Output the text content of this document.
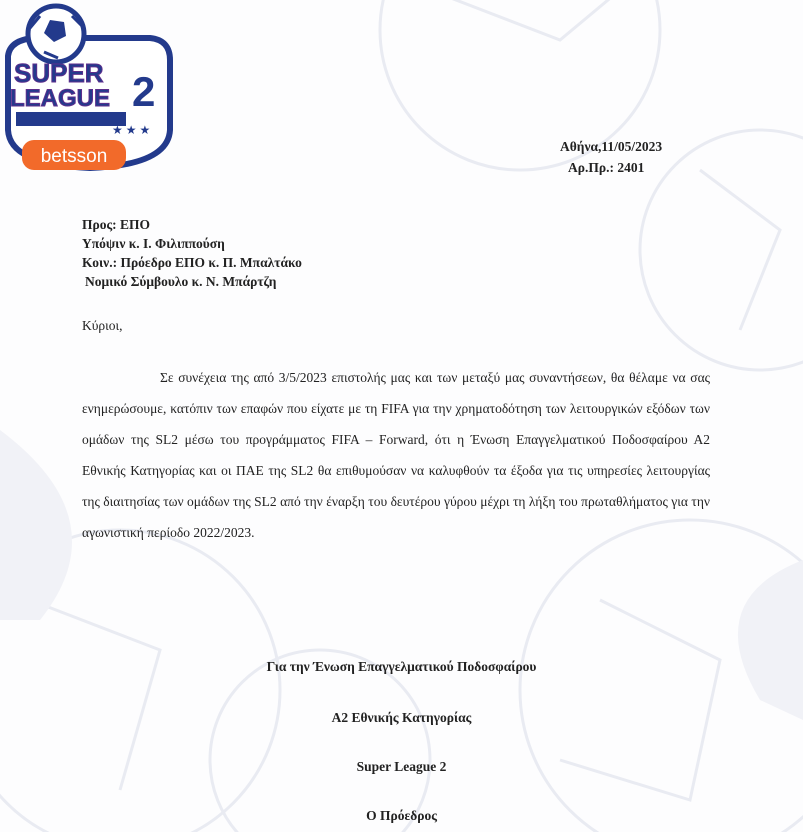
SUPER
LEAGUE 2
★ ★ ★
betsson	Αθήνα,11/05/2023
Αρ.Πρ.: 2401
Προς: ΕΠΟ
Υπόψιν κ. Ι. Φιλιππούση
Κοιν.: Πρόεδρο ΕΠΟ κ. Π. Μπαλτάκο
Νομικό Σύμβουλο κ. Ν. Μπάρτζη
Κύριοι,
Σε συνέχεια της από 3/5/2023 επιστολής μας και των μεταξύ μας συναντήσεων, θα θέλαμε να σας ενημερώσουμε, κατόπιν των επαφών που είχατε με τη FIFA για την χρηματοδότηση των λειτουργικών εξόδων των ομάδων της SL2 μέσω του προγράμματος FIFA – Forward, ότι η Ένωση Επαγγελματικού Ποδοσφαίρου Α2 Εθνικής Κατηγορίας και οι ΠΑΕ της SL2 θα επιθυμούσαν να καλυφθούν τα έξοδα για τις υπηρεσίες λειτουργίας της διαιτησίας των ομάδων της SL2 από την έναρξη του δευτέρου γύρου μέχρι τη λήξη του πρωταθλήματος για την αγωνιστική περίοδο 2022/2023.
Για την Ένωση Επαγγελματικού Ποδοσφαίρου
Α2 Εθνικής Κατηγορίας
Super League 2
Ο Πρόεδρος
